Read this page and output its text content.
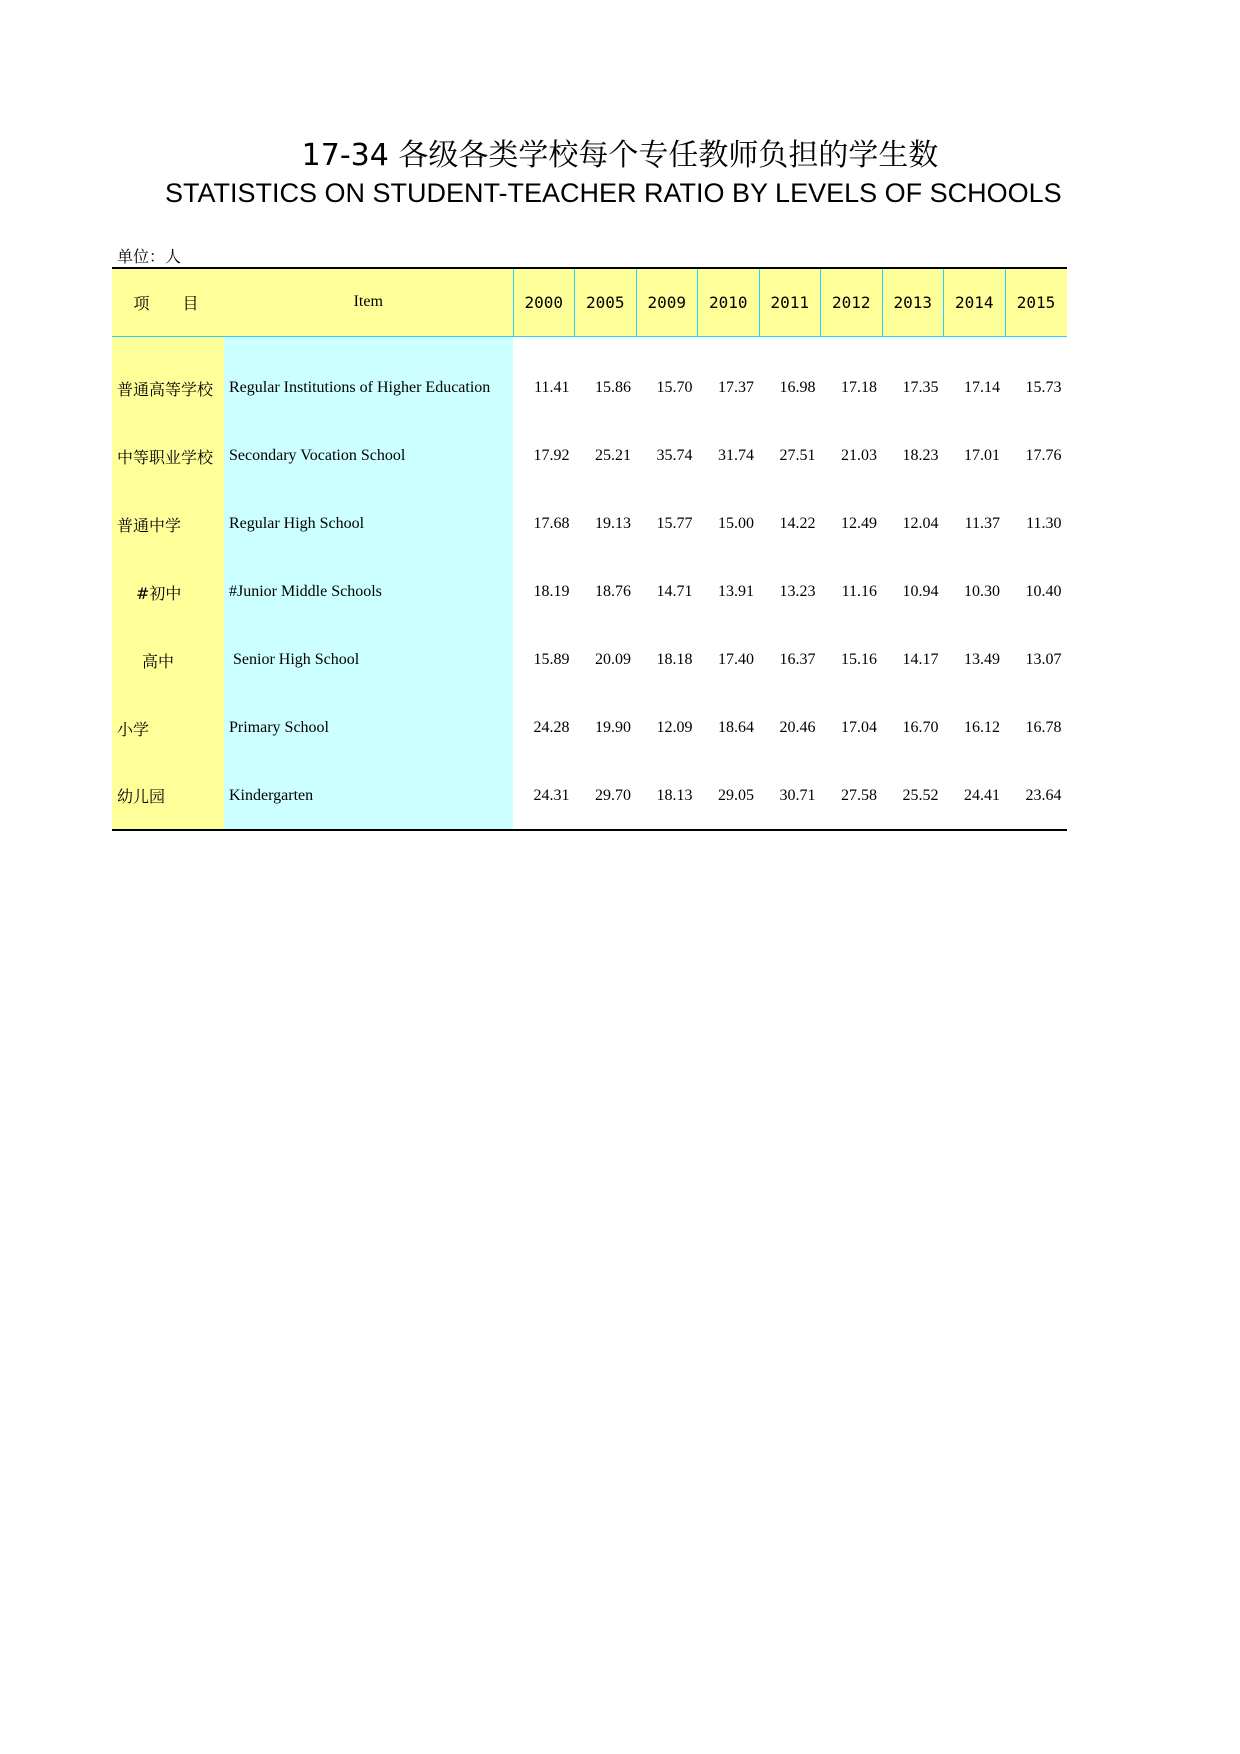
17-34 各级各类学校每个专任教师负担的学生数
STATISTICS ON STUDENT-TEACHER RATIO BY LEVELS OF SCHOOLS
单位：人
项 目	Item	2000	2005	2009	2010	2011	2012	2013	2014	2015
普通高等学校	Regular Institutions of Higher Education	11.41	15.86	15.70	17.37	16.98	17.18	17.35	17.14	15.73
中等职业学校	Secondary Vocation School	17.92	25.21	35.74	31.74	27.51	21.03	18.23	17.01	17.76
普通中学	Regular High School	17.68	19.13	15.77	15.00	14.22	12.49	12.04	11.37	11.30
#初中	#Junior Middle Schools	18.19	18.76	14.71	13.91	13.23	11.16	10.94	10.30	10.40
高中	Senior High School	15.89	20.09	18.18	17.40	16.37	15.16	14.17	13.49	13.07
小学	Primary School	24.28	19.90	12.09	18.64	20.46	17.04	16.70	16.12	16.78
幼儿园	Kindergarten	24.31	29.70	18.13	29.05	30.71	27.58	25.52	24.41	23.64
